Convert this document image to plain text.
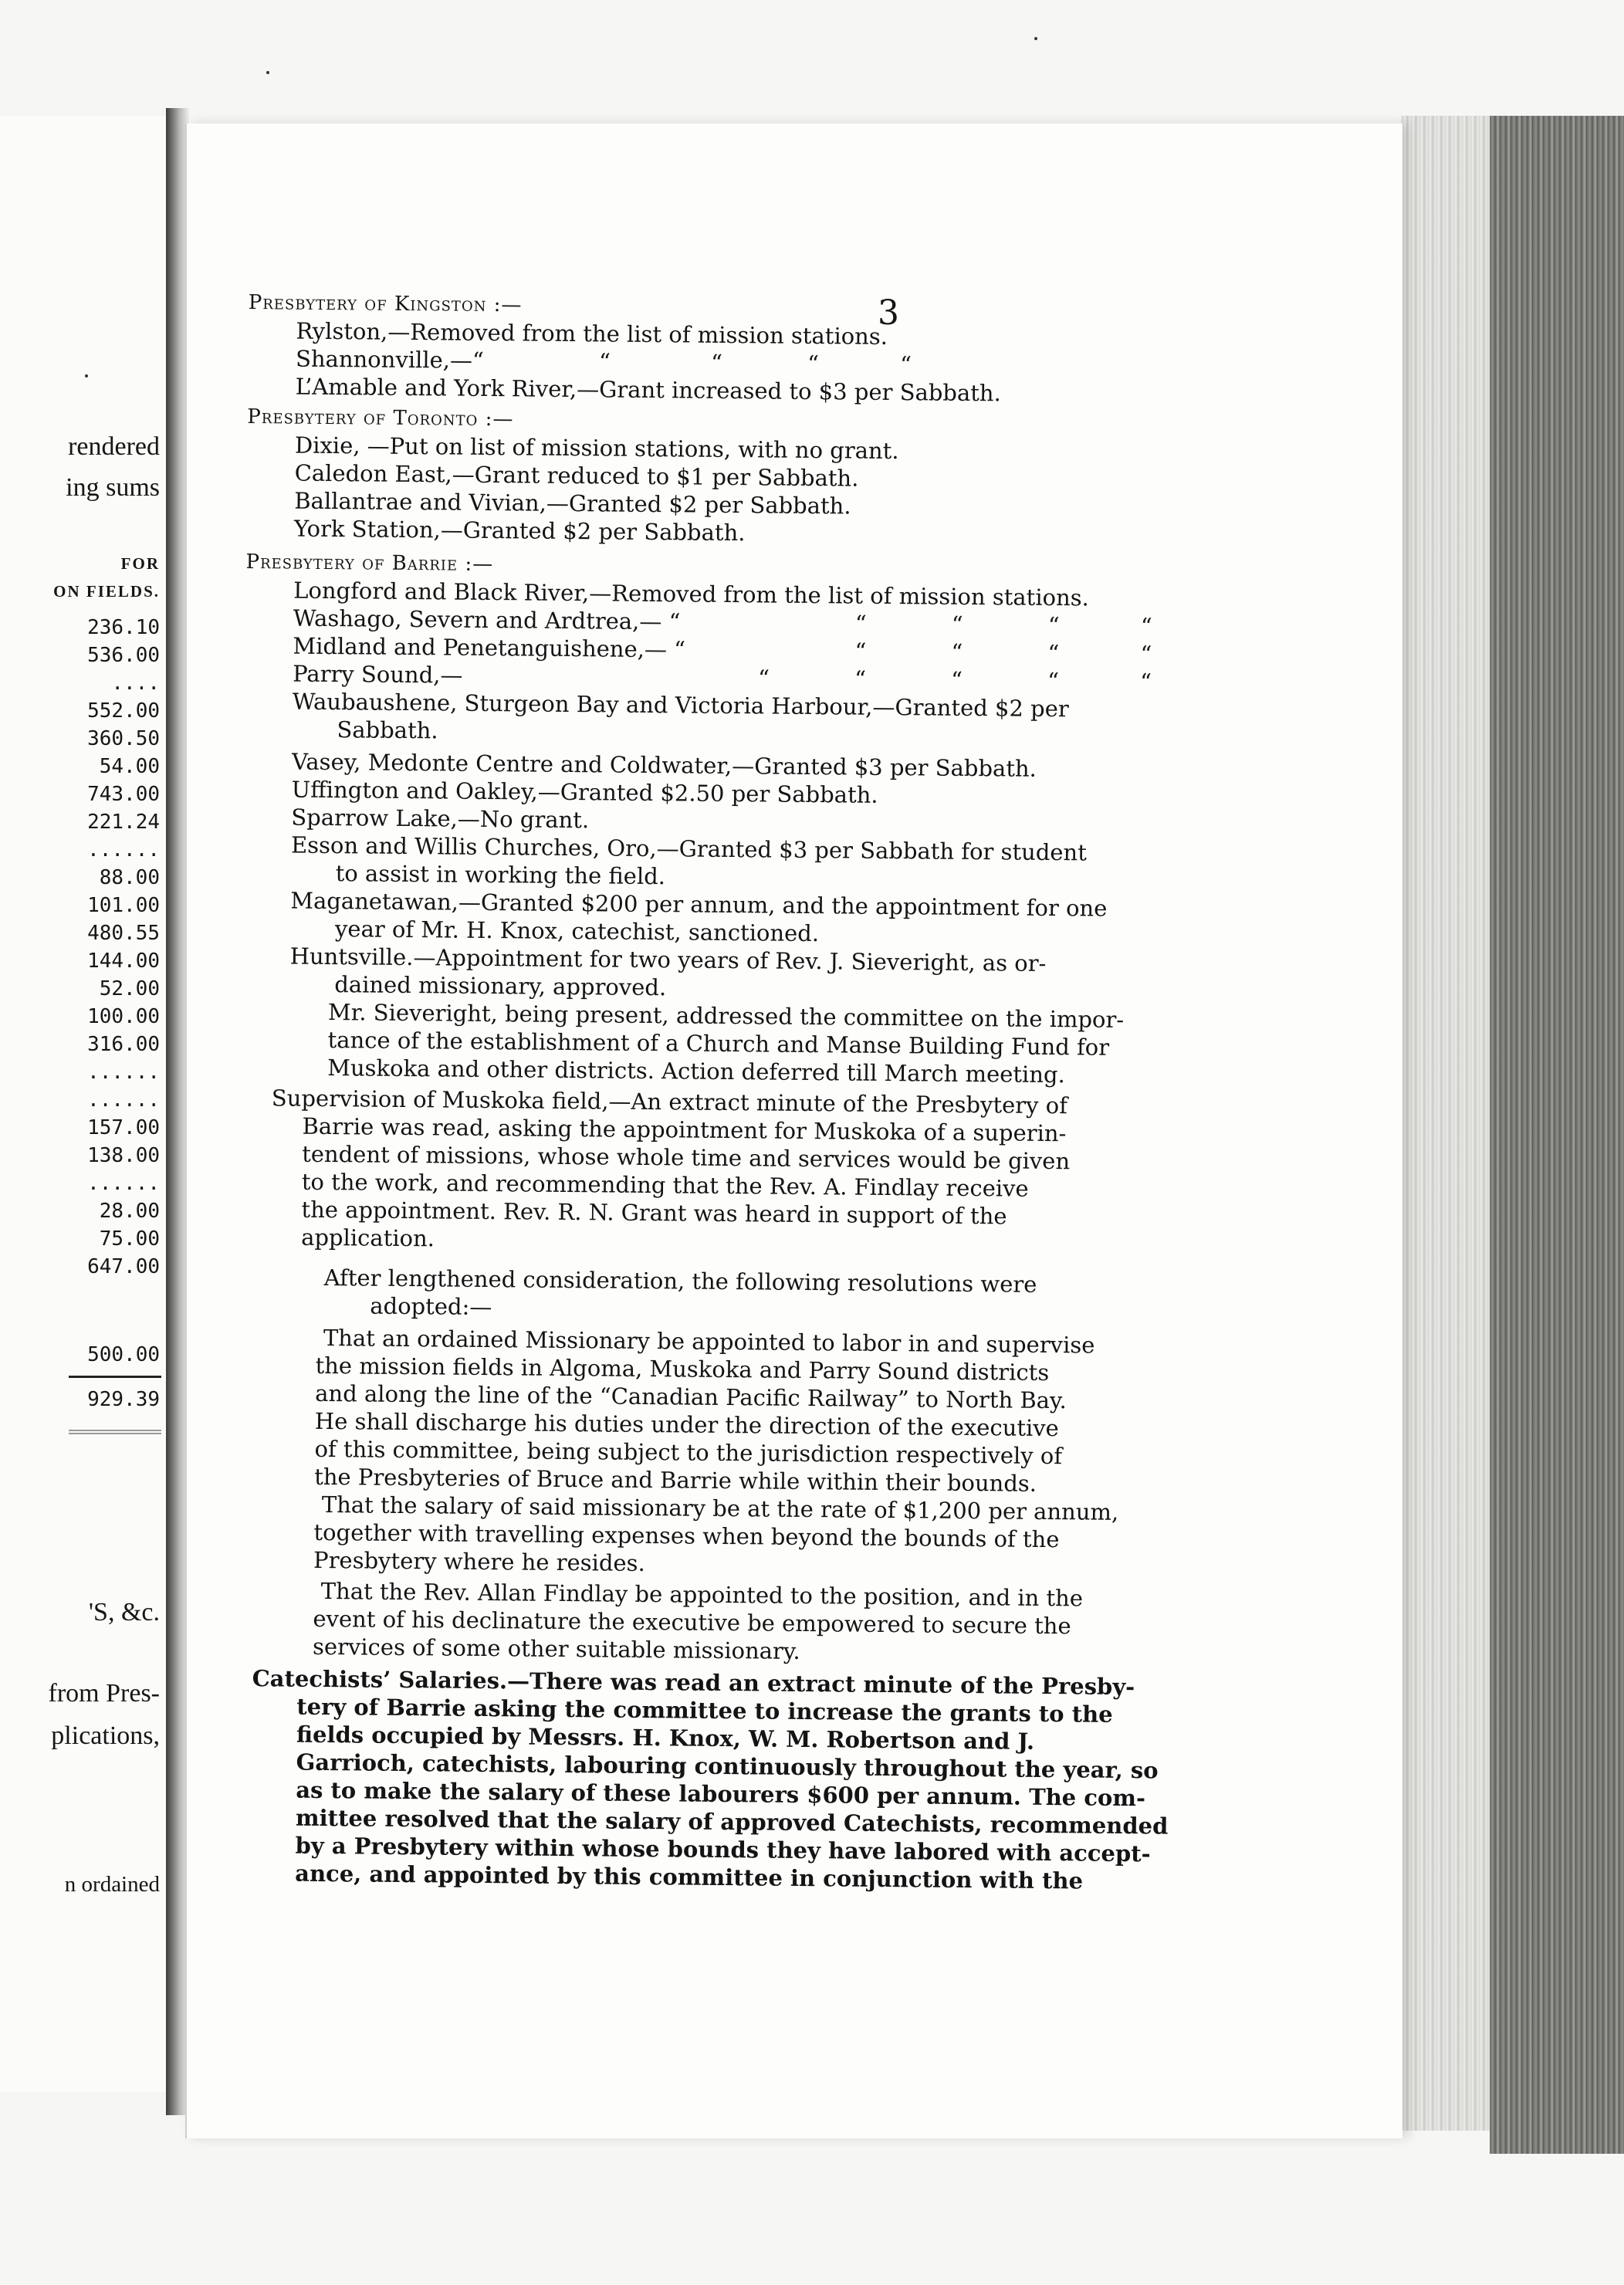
rendered
ing sums
FOR
ON FIELDS.
236.10
536.00
....
552.00
360.50
54.00
743.00
221.24
......
88.00
101.00
480.55
144.00
52.00
100.00
316.00
......
......
157.00
138.00
......
28.00
75.00
647.00
500.00
929.39
'S, &c.
from Pres-
plications,
n ordained
3
Presbytery of Kingston :—
Rylston,—Removed from the list of mission stations.
Shannonville,—“	“	“	“	“
L’Amable and York River,—Grant increased to $3 per Sabbath.
Presbytery of Toronto :—
Dixie, —Put on list of mission stations, with no grant.
Caledon East,—Grant reduced to $1 per Sabbath.
Ballantrae and Vivian,—Granted $2 per Sabbath.
York Station,—Granted $2 per Sabbath.
Presbytery of Barrie :—
Longford and Black River,—Removed from the list of mission stations.
Washago, Severn and Ardtrea,— “	“	“	“	“
Midland and Penetanguishene,— “	“	“	“	“
Parry Sound,—	“	“	“	“	“
Waubaushene, Sturgeon Bay and Victoria Harbour,—Granted $2 per
Sabbath.
Vasey, Medonte Centre and Coldwater,—Granted $3 per Sabbath.
Uffington and Oakley,—Granted $2.50 per Sabbath.
Sparrow Lake,—No grant.
Esson and Willis Churches, Oro,—Granted $3 per Sabbath for student
to assist in working the field.
Maganetawan,—Granted $200 per annum, and the appointment for one
year of Mr. H. Knox, catechist, sanctioned.
Huntsville.—Appointment for two years of Rev. J. Sieveright, as or-
dained missionary, approved.
Mr. Sieveright, being present, addressed the committee on the impor-
tance of the establishment of a Church and Manse Building Fund for
Muskoka and other districts. Action deferred till March meeting.
Supervision of Muskoka field,—An extract minute of the Presbytery of
Barrie was read, asking the appointment for Muskoka of a superin-
tendent of missions, whose whole time and services would be given
to the work, and recommending that the Rev. A. Findlay receive
the appointment. Rev. R. N. Grant was heard in support of the
application.
After lengthened consideration, the following resolutions were
adopted:—
That an ordained Missionary be appointed to labor in and supervise
the mission fields in Algoma, Muskoka and Parry Sound districts
and along the line of the “Canadian Pacific Railway” to North Bay.
He shall discharge his duties under the direction of the executive
of this committee, being subject to the jurisdiction respectively of
the Presbyteries of Bruce and Barrie while within their bounds.
That the salary of said missionary be at the rate of $1,200 per annum,
together with travelling expenses when beyond the bounds of the
Presbytery where he resides.
That the Rev. Allan Findlay be appointed to the position, and in the
event of his declinature the executive be empowered to secure the
services of some other suitable missionary.
Catechists’ Salaries.—There was read an extract minute of the Presby-
tery of Barrie asking the committee to increase the grants to the
fields occupied by Messrs. H. Knox, W. M. Robertson and J.
Garrioch, catechists, labouring continuously throughout the year, so
as to make the salary of these labourers $600 per annum. The com-
mittee resolved that the salary of approved Catechists, recommended
by a Presbytery within whose bounds they have labored with accept-
ance, and appointed by this committee in conjunction with the
